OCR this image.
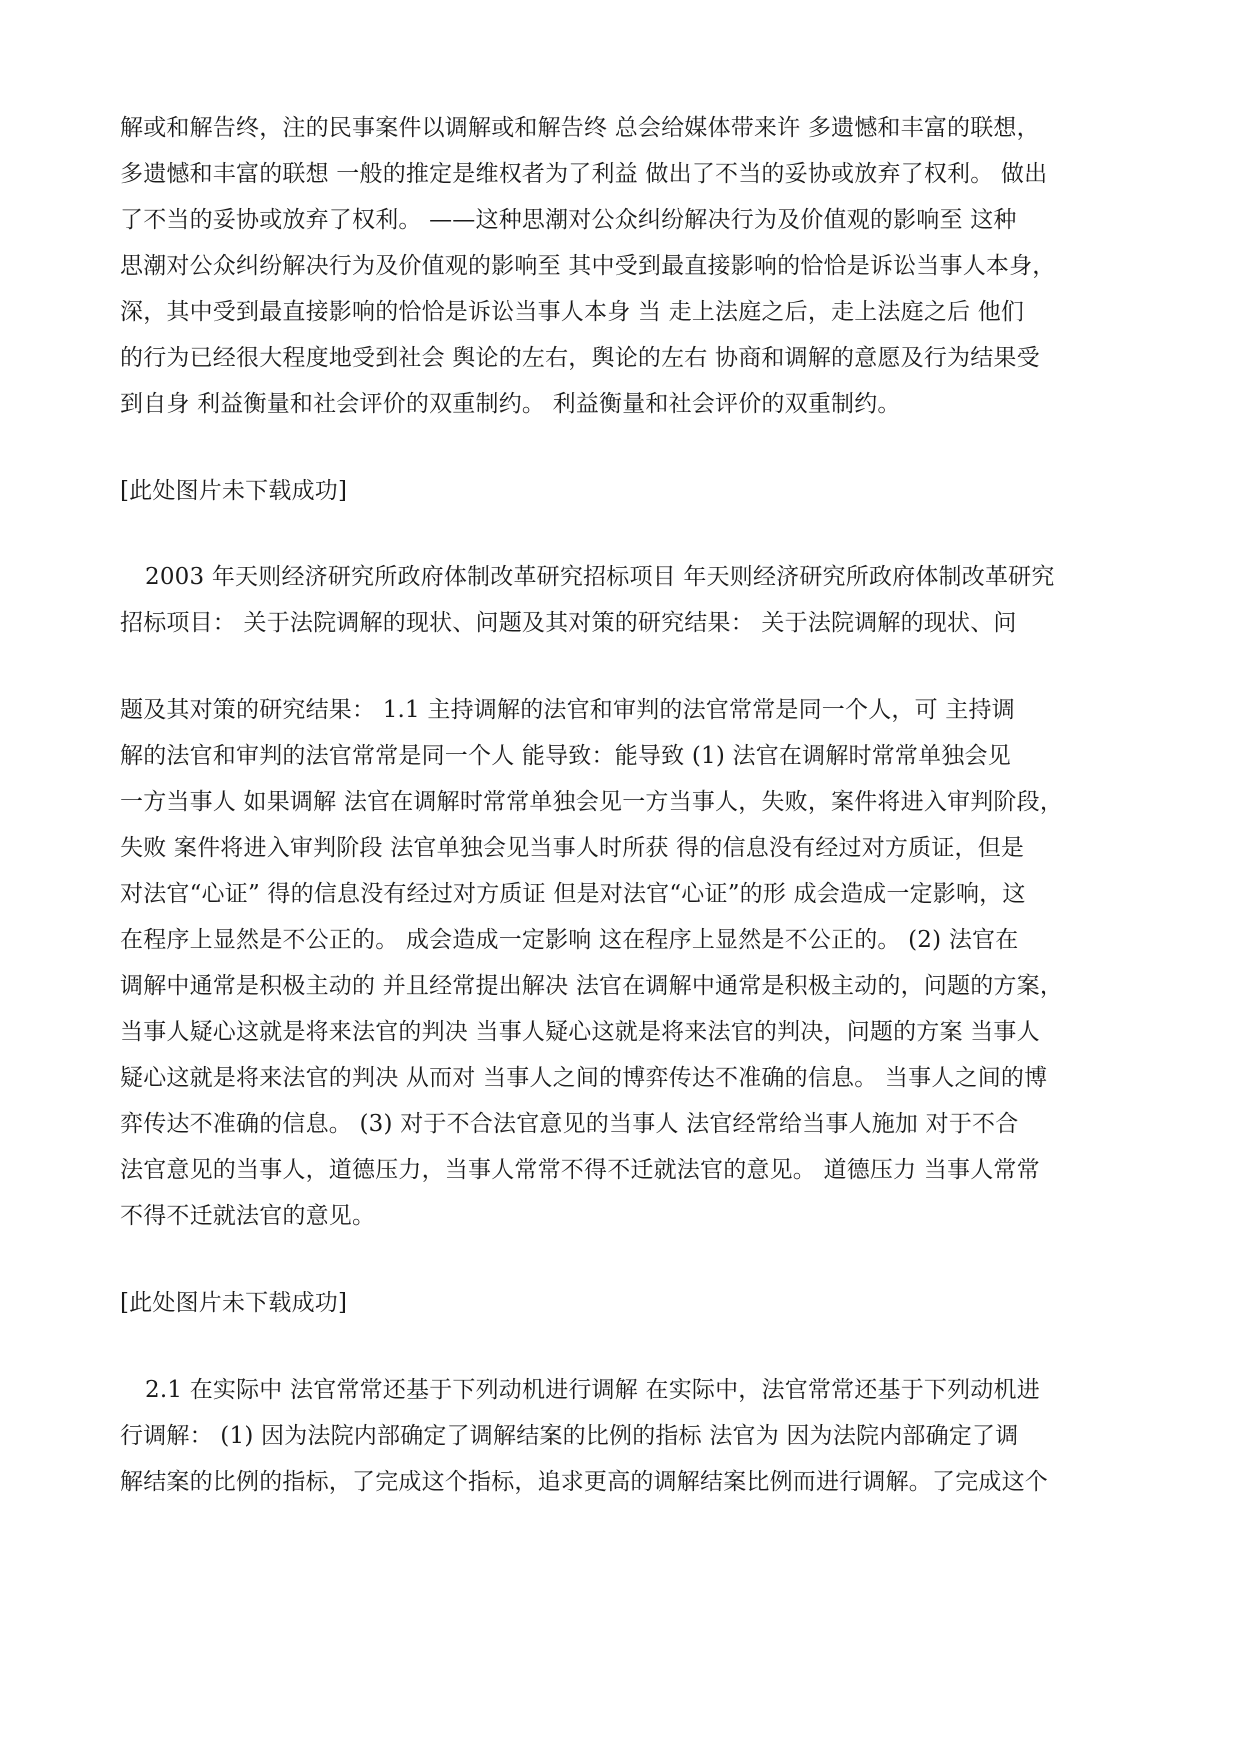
解或和解告终，注的民事案件以调解或和解告终 总会给媒体带来许 多遗憾和丰富的联想，
多遗憾和丰富的联想 一般的推定是维权者为了利益 做出了不当的妥协或放弃了权利。 做出
了不当的妥协或放弃了权利。 ——这种思潮对公众纠纷解决行为及价值观的影响至 这种
思潮对公众纠纷解决行为及价值观的影响至 其中受到最直接影响的恰恰是诉讼当事人本身，
深，其中受到最直接影响的恰恰是诉讼当事人本身 当 走上法庭之后，走上法庭之后 他们
的行为已经很大程度地受到社会 舆论的左右，舆论的左右 协商和调解的意愿及行为结果受
到自身 利益衡量和社会评价的双重制约。 利益衡量和社会评价的双重制约。
[此处图片未下载成功]
2003 年天则经济研究所政府体制改革研究招标项目 年天则经济研究所政府体制改革研究
招标项目： 关于法院调解的现状、问题及其对策的研究结果： 关于法院调解的现状、问
题及其对策的研究结果： 1.1 主持调解的法官和审判的法官常常是同一个人，可 主持调
解的法官和审判的法官常常是同一个人 能导致：能导致 (1) 法官在调解时常常单独会见
一方当事人 如果调解 法官在调解时常常单独会见一方当事人，失败，案件将进入审判阶段，
失败 案件将进入审判阶段 法官单独会见当事人时所获 得的信息没有经过对方质证，但是
对法官“心证” 得的信息没有经过对方质证 但是对法官“心证”的形 成会造成一定影响，这
在程序上显然是不公正的。 成会造成一定影响 这在程序上显然是不公正的。 (2) 法官在
调解中通常是积极主动的 并且经常提出解决 法官在调解中通常是积极主动的，问题的方案，
当事人疑心这就是将来法官的判决 当事人疑心这就是将来法官的判决，问题的方案 当事人
疑心这就是将来法官的判决 从而对 当事人之间的博弈传达不准确的信息。 当事人之间的博
弈传达不准确的信息。 (3) 对于不合法官意见的当事人 法官经常给当事人施加 对于不合
法官意见的当事人，道德压力，当事人常常不得不迁就法官的意见。 道德压力 当事人常常
不得不迁就法官的意见。
[此处图片未下载成功]
2.1 在实际中 法官常常还基于下列动机进行调解 在实际中，法官常常还基于下列动机进
行调解： (1) 因为法院内部确定了调解结案的比例的指标 法官为 因为法院内部确定了调
解结案的比例的指标，了完成这个指标，追求更高的调解结案比例而进行调解。了完成这个
